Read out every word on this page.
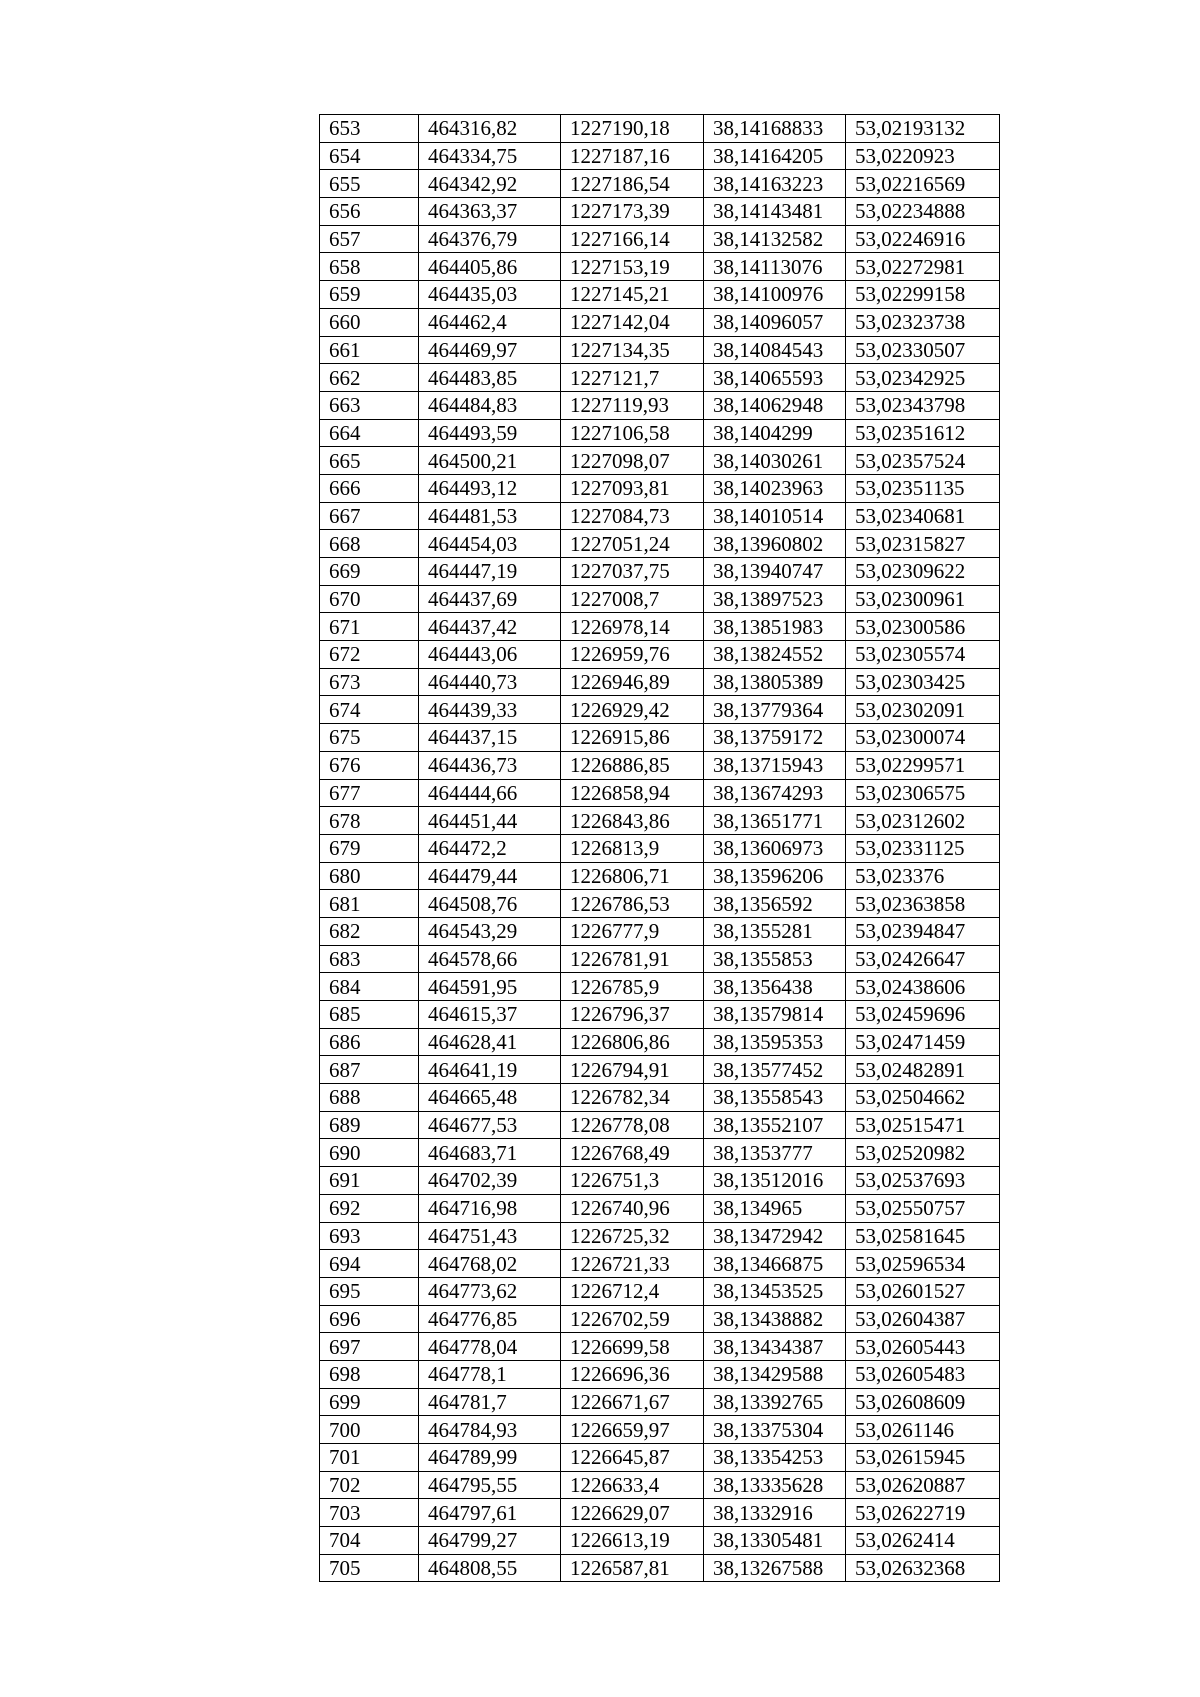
653	464316,82	1227190,18	38,14168833	53,02193132
654	464334,75	1227187,16	38,14164205	53,0220923
655	464342,92	1227186,54	38,14163223	53,02216569
656	464363,37	1227173,39	38,14143481	53,02234888
657	464376,79	1227166,14	38,14132582	53,02246916
658	464405,86	1227153,19	38,14113076	53,02272981
659	464435,03	1227145,21	38,14100976	53,02299158
660	464462,4	1227142,04	38,14096057	53,02323738
661	464469,97	1227134,35	38,14084543	53,02330507
662	464483,85	1227121,7	38,14065593	53,02342925
663	464484,83	1227119,93	38,14062948	53,02343798
664	464493,59	1227106,58	38,1404299	53,02351612
665	464500,21	1227098,07	38,14030261	53,02357524
666	464493,12	1227093,81	38,14023963	53,02351135
667	464481,53	1227084,73	38,14010514	53,02340681
668	464454,03	1227051,24	38,13960802	53,02315827
669	464447,19	1227037,75	38,13940747	53,02309622
670	464437,69	1227008,7	38,13897523	53,02300961
671	464437,42	1226978,14	38,13851983	53,02300586
672	464443,06	1226959,76	38,13824552	53,02305574
673	464440,73	1226946,89	38,13805389	53,02303425
674	464439,33	1226929,42	38,13779364	53,02302091
675	464437,15	1226915,86	38,13759172	53,02300074
676	464436,73	1226886,85	38,13715943	53,02299571
677	464444,66	1226858,94	38,13674293	53,02306575
678	464451,44	1226843,86	38,13651771	53,02312602
679	464472,2	1226813,9	38,13606973	53,02331125
680	464479,44	1226806,71	38,13596206	53,023376
681	464508,76	1226786,53	38,1356592	53,02363858
682	464543,29	1226777,9	38,1355281	53,02394847
683	464578,66	1226781,91	38,1355853	53,02426647
684	464591,95	1226785,9	38,1356438	53,02438606
685	464615,37	1226796,37	38,13579814	53,02459696
686	464628,41	1226806,86	38,13595353	53,02471459
687	464641,19	1226794,91	38,13577452	53,02482891
688	464665,48	1226782,34	38,13558543	53,02504662
689	464677,53	1226778,08	38,13552107	53,02515471
690	464683,71	1226768,49	38,1353777	53,02520982
691	464702,39	1226751,3	38,13512016	53,02537693
692	464716,98	1226740,96	38,134965	53,02550757
693	464751,43	1226725,32	38,13472942	53,02581645
694	464768,02	1226721,33	38,13466875	53,02596534
695	464773,62	1226712,4	38,13453525	53,02601527
696	464776,85	1226702,59	38,13438882	53,02604387
697	464778,04	1226699,58	38,13434387	53,02605443
698	464778,1	1226696,36	38,13429588	53,02605483
699	464781,7	1226671,67	38,13392765	53,02608609
700	464784,93	1226659,97	38,13375304	53,0261146
701	464789,99	1226645,87	38,13354253	53,02615945
702	464795,55	1226633,4	38,13335628	53,02620887
703	464797,61	1226629,07	38,1332916	53,02622719
704	464799,27	1226613,19	38,13305481	53,0262414
705	464808,55	1226587,81	38,13267588	53,02632368
